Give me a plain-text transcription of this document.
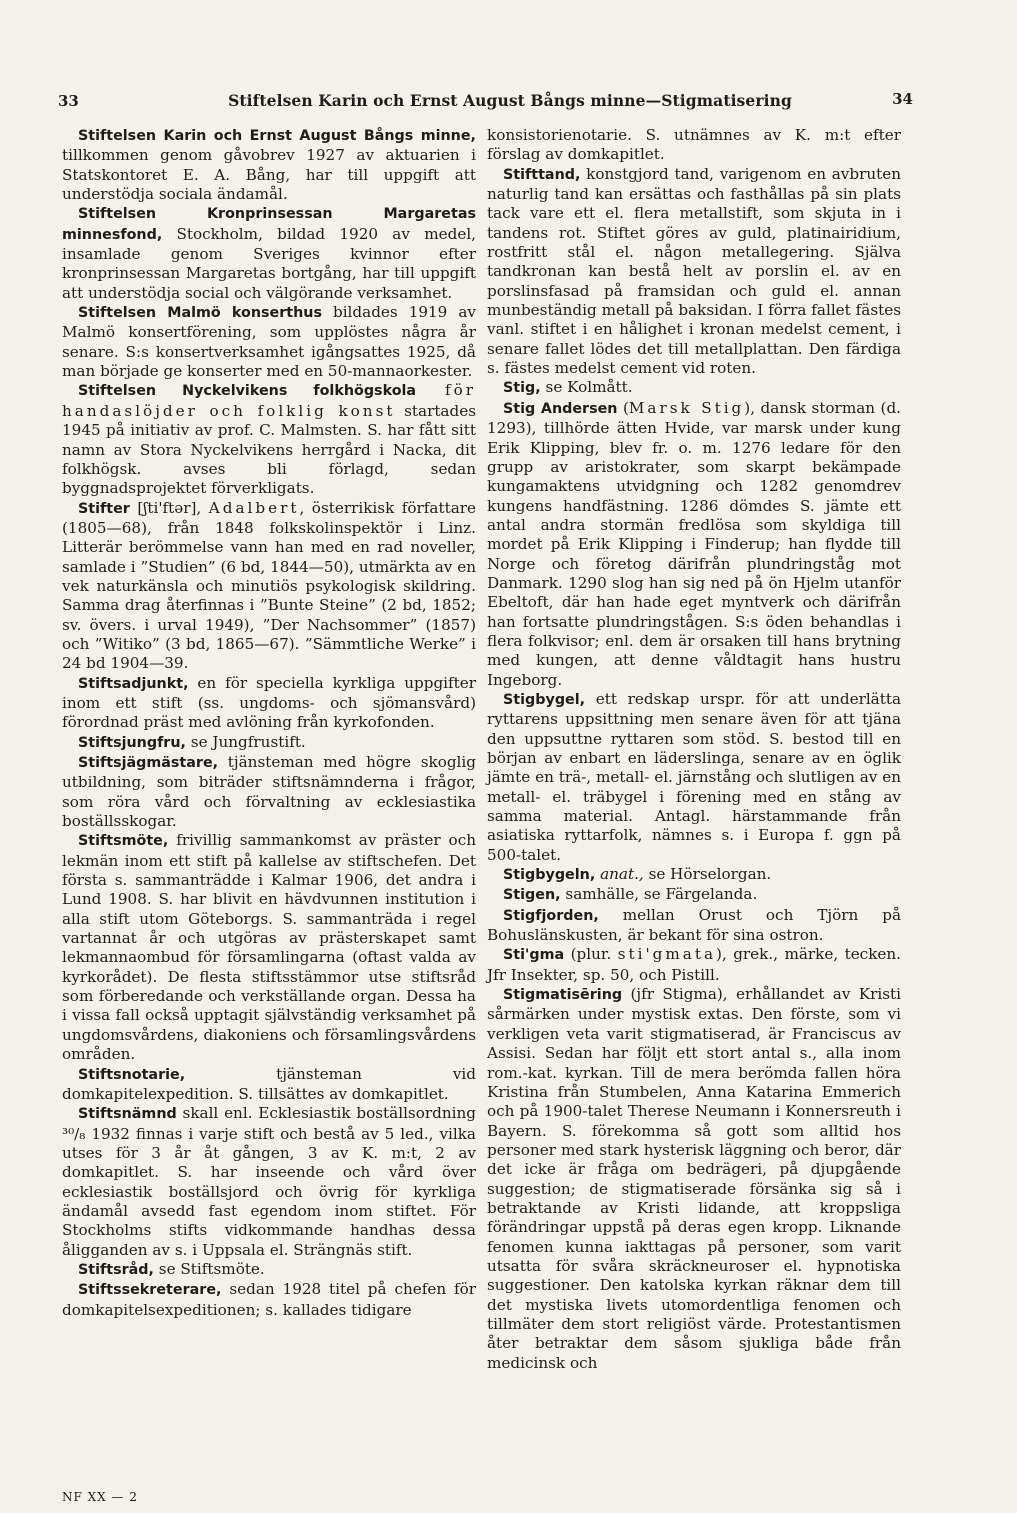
33	Stiftelsen Karin och Ernst August Bångs minne—Stigmatisering	34

Stiftelsen Karin och Ernst August Bångs minne, tillkommen genom gåvobrev 1927 av aktuarien i Statskontoret E. A. Bång, har till uppgift att understödja sociala ändamål.

Stiftelsen Kronprinsessan Margaretas minnesfond, Stockholm, bildad 1920 av medel, insamlade genom Sveriges kvinnor efter kronprinsessan Margaretas bortgång, har till uppgift att understödja social och välgörande verksamhet.

Stiftelsen Malmö konserthus bildades 1919 av Malmö konsertförening, som upplöstes några år senare. S:s konsertverksamhet igångsattes 1925, då man började ge konserter med en 50-mannaorkester.

Stiftelsen Nyckelvikens folkhögskola för handaslöjder och folklig konst startades 1945 på initiativ av prof. C. Malmsten. S. har fått sitt namn av Stora Nyckelvikens herrgård i Nacka, dit folkhögsk. avses bli förlagd, sedan byggnadsprojektet förverkligats.

Stifter [ʃti'ftər], Adalbert, österrikisk författare (1805—68), från 1848 folkskolinspektör i Linz. Litterär berömmelse vann han med en rad noveller, samlade i ”Studien” (6 bd, 1844—50), utmärkta av en vek naturkänsla och minutiös psykologisk skildring. Samma drag återfinnas i ”Bunte Steine” (2 bd, 1852; sv. övers. i urval 1949), ”Der Nachsommer” (1857) och ”Witiko” (3 bd, 1865—67). ”Sämmtliche Werke” i 24 bd 1904—39.

Stiftsadjunkt, en för speciella kyrkliga uppgifter inom ett stift (ss. ungdoms- och sjömansvård) förordnad präst med avlöning från kyrkofonden.

Stiftsjungfru, se Jungfrustift.

Stiftsjägmästare, tjänsteman med högre skoglig utbildning, som biträder stiftsnämnderna i frågor, som röra vård och förvaltning av ecklesiastika boställsskogar.

Stiftsmöte, frivillig sammankomst av präster och lekmän inom ett stift på kallelse av stiftschefen. Det första s. sammanträdde i Kalmar 1906, det andra i Lund 1908. S. har blivit en hävdvunnen institution i alla stift utom Göteborgs. S. sammanträda i regel vartannat år och utgöras av prästerskapet samt lekmannaombud för församlingarna (oftast valda av kyrkorådet). De flesta stiftsstämmor utse stiftsråd som förberedande och verkställande organ. Dessa ha i vissa fall också upptagit självständig verksamhet på ungdomsvårdens, diakoniens och församlingsvårdens områden.

Stiftsnotarie, tjänsteman vid domkapitelexpedition. S. tillsättes av domkapitlet.

Stiftsnämnd skall enl. Ecklesiastik boställsordning ³⁰/₈ 1932 finnas i varje stift och bestå av 5 led., vilka utses för 3 år åt gången, 3 av K. m:t, 2 av domkapitlet. S. har inseende och vård över ecklesiastik boställsjord och övrig för kyrkliga ändamål avsedd fast egendom inom stiftet. För Stockholms stifts vidkommande handhas dessa åligganden av s. i Uppsala el. Strängnäs stift.

Stiftsråd, se Stiftsmöte.

Stiftssekreterare, sedan 1928 titel på chefen för domkapitelsexpeditionen; s. kallades tidigare

konsistorienotarie. S. utnämnes av K. m:t efter förslag av domkapitlet.

Stifttand, konstgjord tand, varigenom en avbruten naturlig tand kan ersättas och fasthållas på sin plats tack vare ett el. flera metallstift, som skjuta in i tandens rot. Stiftet göres av guld, platinairidium, rostfritt stål el. någon metallegering. Själva tandkronan kan bestå helt av porslin el. av en porslinsfasad på framsidan och guld el. annan munbeständig metall på baksidan. I förra fallet fästes vanl. stiftet i en hålighet i kronan medelst cement, i senare fallet lödes det till metallplattan. Den färdiga s. fästes medelst cement vid roten.

Stig, se Kolmått.

Stig Andersen (Marsk Stig), dansk storman (d. 1293), tillhörde ätten Hvide, var marsk under kung Erik Klipping, blev fr. o. m. 1276 ledare för den grupp av aristokrater, som skarpt bekämpade kungamaktens utvidgning och 1282 genomdrev kungens handfästning. 1286 dömdes S. jämte ett antal andra stormän fredlösa som skyldiga till mordet på Erik Klipping i Finderup; han flydde till Norge och företog därifrån plundringståg mot Danmark. 1290 slog han sig ned på ön Hjelm utanför Ebeltoft, där han hade eget myntverk och därifrån han fortsatte plundringstågen. S:s öden behandlas i flera folkvisor; enl. dem är orsaken till hans brytning med kungen, att denne våldtagit hans hustru Ingeborg.

Stigbygel, ett redskap urspr. för att underlätta ryttarens uppsittning men senare även för att tjäna den uppsuttne ryttaren som stöd. S. bestod till en början av enbart en läderslinga, senare av en öglik jämte en trä-, metall- el. järnstång och slutligen av en metall- el. träbygel i förening med en stång av samma material. Antagl. härstammande från asiatiska ryttarfolk, nämnes s. i Europa f. ggn på 500-talet.

Stigbygeln, anat., se Hörselorgan.

Stigen, samhälle, se Färgelanda.

Stigfjorden, mellan Orust och Tjörn på Bohuslänskusten, är bekant för sina ostron.

Sti'gma (plur. sti'gmata), grek., märke, tecken. Jfr Insekter, sp. 50, och Pistill.

Stigmatisēring (jfr Stigma), erhållandet av Kristi sårmärken under mystisk extas. Den förste, som vi verkligen veta varit stigmatiserad, är Franciscus av Assisi. Sedan har följt ett stort antal s., alla inom rom.-kat. kyrkan. Till de mera berömda fallen höra Kristina från Stumbelen, Anna Katarina Emmerich och på 1900-talet Therese Neumann i Konnersreuth i Bayern. S. förekomma så gott som alltid hos personer med stark hysterisk läggning och beror, där det icke är fråga om bedrägeri, på djupgående suggestion; de stigmatiserade försänka sig så i betraktande av Kristi lidande, att kroppsliga förändringar uppstå på deras egen kropp. Liknande fenomen kunna iakttagas på personer, som varit utsatta för svåra skräckneuroser el. hypnotiska suggestioner. Den katolska kyrkan räknar dem till det mystiska livets utomordentliga fenomen och tillmäter dem stort religiöst värde. Protestantismen åter betraktar dem såsom sjukliga både från medicinsk och

NF XX — 2
